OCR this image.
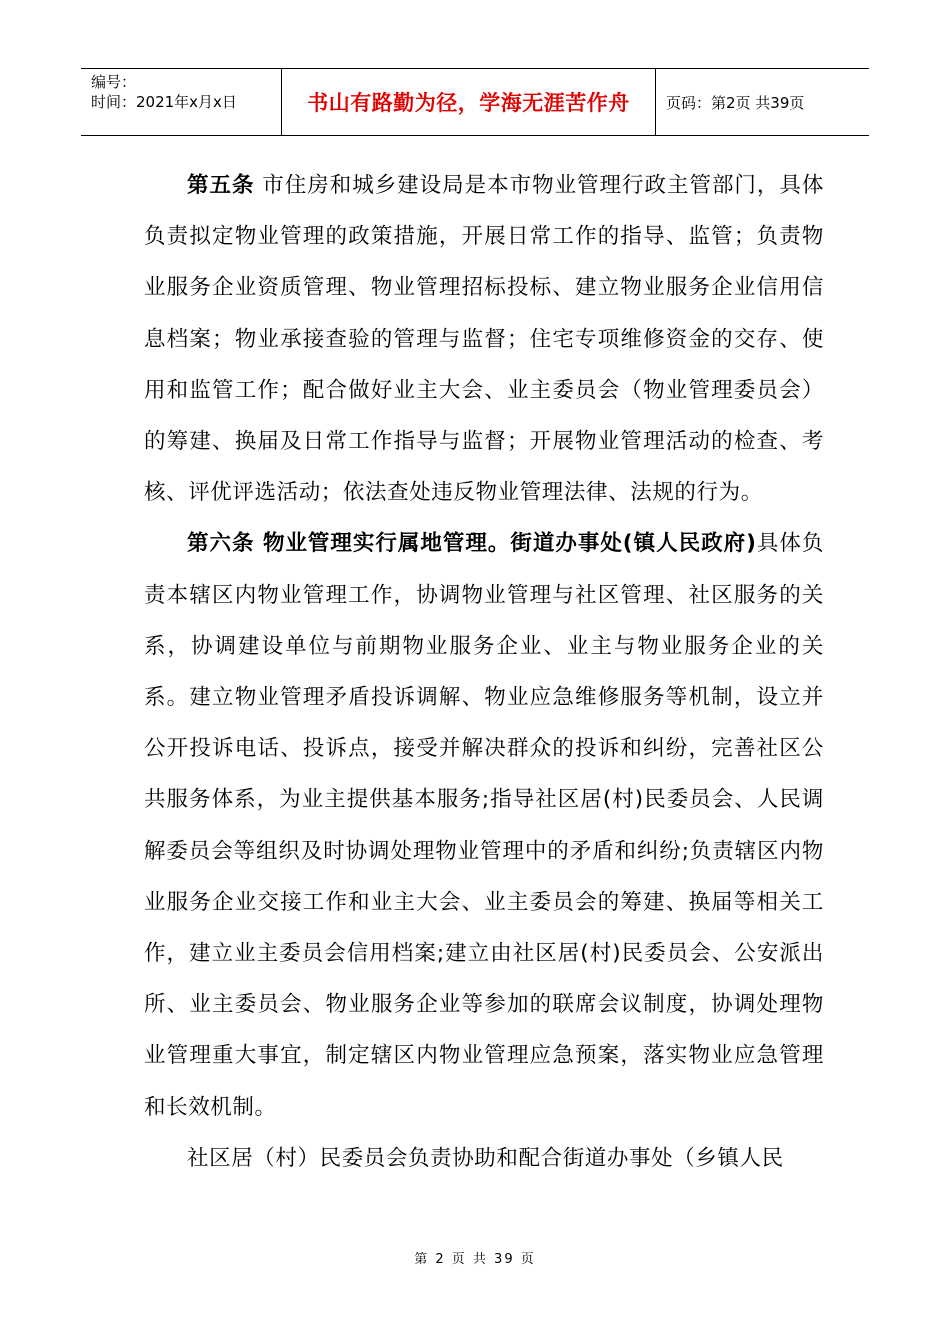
编号：
时间：2021年x月x日	书山有路勤为径，学海无涯苦作舟	页码：第2页 共39页

第五条 市住房和城乡建设局是本市物业管理行政主管部门，具体负责拟定物业管理的政策措施，开展日常工作的指导、监管；负责物业服务企业资质管理、物业管理招标投标、建立物业服务企业信用信息档案；物业承接查验的管理与监督；住宅专项维修资金的交存、使用和监管工作；配合做好业主大会、业主委员会（物业管理委员会）的筹建、换届及日常工作指导与监督；开展物业管理活动的检查、考核、评优评选活动；依法查处违反物业管理法律、法规的行为。

第六条 物业管理实行属地管理。街道办事处(镇人民政府)具体负责本辖区内物业管理工作，协调物业管理与社区管理、社区服务的关系，协调建设单位与前期物业服务企业、业主与物业服务企业的关系。建立物业管理矛盾投诉调解、物业应急维修服务等机制，设立并公开投诉电话、投诉点，接受并解决群众的投诉和纠纷，完善社区公共服务体系，为业主提供基本服务;指导社区居(村)民委员会、人民调解委员会等组织及时协调处理物业管理中的矛盾和纠纷;负责辖区内物业服务企业交接工作和业主大会、业主委员会的筹建、换届等相关工作，建立业主委员会信用档案;建立由社区居(村)民委员会、公安派出所、业主委员会、物业服务企业等参加的联席会议制度，协调处理物业管理重大事宜，制定辖区内物业管理应急预案，落实物业应急管理和长效机制。

社区居（村）民委员会负责协助和配合街道办事处（乡镇人民

第 2 页 共 39 页
